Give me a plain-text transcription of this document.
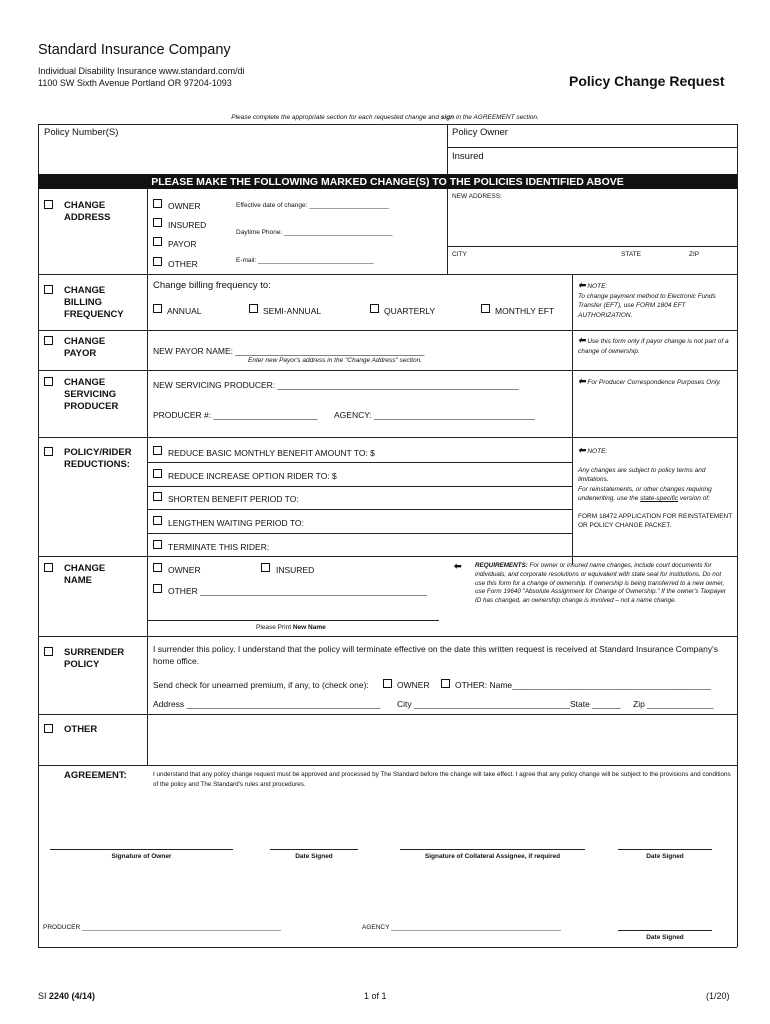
Standard Insurance Company
Individual Disability Insurance www.standard.com/di
1100 SW Sixth Avenue Portland OR 97204-1093	Policy Change Request
Please complete the appropriate section for each requested change and sign in the AGREEMENT section.
Policy Number(S)	Policy Owner
Insured
PLEASE MAKE THE FOLLOWING MARKED CHANGE(S) TO THE POLICIES IDENTIFIED ABOVE
CHANGE
ADDRESS
OWNER
INSURED
PAYOR
OTHER
Effective date of change: ______________________
Daytime Phone: ______________________________
E-mail: ________________________________
NEW ADDRESS:
CITY	STATE	ZIP
CHANGE
BILLING
FREQUENCY
Change billing frequency to:
ANNUAL	SEMI-ANNUAL	QUARTERLY	MONTHLY EFT
⬅ NOTE:
To change payment method to Electronic Funds Transfer (EFT), use FORM 1804 EFT AUTHORIZATION.
CHANGE
PAYOR	NEW PAYOR NAME: ________________________________________
Enter new Payor's address in the "Change Address" section.
⬅ Use this form only if payor change is not part of a change of ownership.
CHANGE
SERVICING
PRODUCER
NEW SERVICING PRODUCER: ___________________________________________________
PRODUCER #: ______________________ AGENCY: __________________________________
⬅ For Producer Correspondence Purposes Only.
POLICY/RIDER
REDUCTIONS:
REDUCE BASIC MONTHLY BENEFIT AMOUNT TO: $
REDUCE INCREASE OPTION RIDER TO: $
SHORTEN BENEFIT PERIOD TO:
LENGTHEN WAITING PERIOD TO:
TERMINATE THIS RIDER:
⬅ NOTE:
Any changes are subject to policy terms and limitations.
For reinstatements, or other changes requiring underwriting, use the state-specific version of:
FORM 18472 APPLICATION FOR REINSTATEMENT OR POLICY CHANGE PACKET.
CHANGE
NAME
OWNER	INSURED
OTHER ________________________________________________
Please Print New Name
⬅ REQUIREMENTS: For owner or insured name changes, include court documents for individuals, and corporate resolutions or equivalent with state seal for institutions. Do not use this form for a change of ownership. If ownership is being transferred to a new owner, use Form 19640 "Absolute Assignment for Change of Ownership." If the owner's Taxpayer ID has changed, an ownership change is involved – not a name change.
SURRENDER
POLICY
I surrender this policy. I understand that the policy will terminate effective on the date this written request is received at Standard Insurance Company's home office.
Send check for unearned premium, if any, to (check one):	OWNER	OTHER: Name__________________________________________
Address _________________________________________ City _________________________________ State ______ Zip ______________
OTHER
AGREEMENT:	I understand that any policy change request must be approved and processed by The Standard before the change will take effect. I agree that any policy change will be subject to the provisions and conditions of the policy and The Standard's rules and procedures.
Signature of Owner	Date Signed	Signature of Collateral Assignee, if required	Date Signed
PRODUCER _______________________________________________________	AGENCY _______________________________________________
Date Signed
SI 2240 (4/14)	1 of 1	(1/20)
